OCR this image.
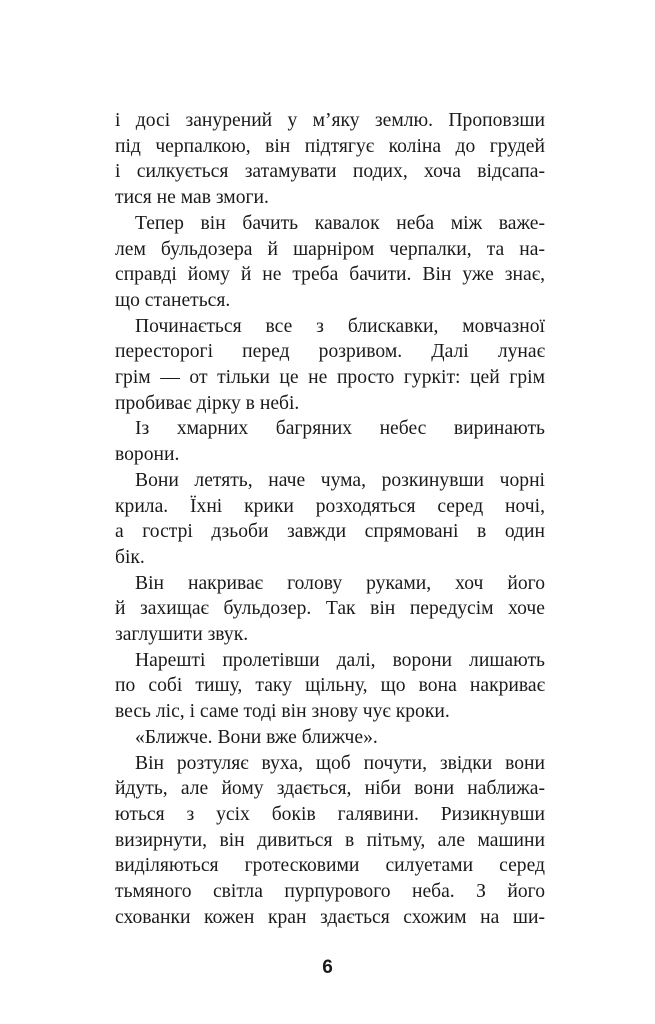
і досі занурений у м’яку землю. Проповзши
під черпалкою, він підтягує коліна до грудей
і силкується затамувати подих, хоча відсапа-
тися не мав змоги.
Тепер він бачить кавалок неба між важе-
лем бульдозера й шарніром черпалки, та на-
справді йому й не треба бачити. Він уже знає,
що станеться.
Починається все з блискавки, мовчазної
пересторогі перед розривом. Далі лунає
грім — от тільки це не просто гуркіт: цей грім
пробиває дірку в небі.
Із хмарних багряних небес виринають
ворони.
Вони летять, наче чума, розкинувши чорні
крила. Їхні крики розходяться серед ночі,
а гострі дзьоби завжди спрямовані в один
бік.
Він накриває голову руками, хоч його
й захищає бульдозер. Так він передусім хоче
заглушити звук.
Нарешті пролетівши далі, ворони лишають
по собі тишу, таку щільну, що вона накриває
весь ліс, і саме тоді він знову чує кроки.
«Ближче. Вони вже ближче».
Він розтуляє вуха, щоб почути, звідки вони
йдуть, але йому здається, ніби вони наближа-
ються з усіх боків галявини. Ризикнувши
визирнути, він дивиться в пітьму, але машини
виділяються гротесковими силуетами серед
тьмяного світла пурпурового неба. З його
схованки кожен кран здається схожим на ши-
6
